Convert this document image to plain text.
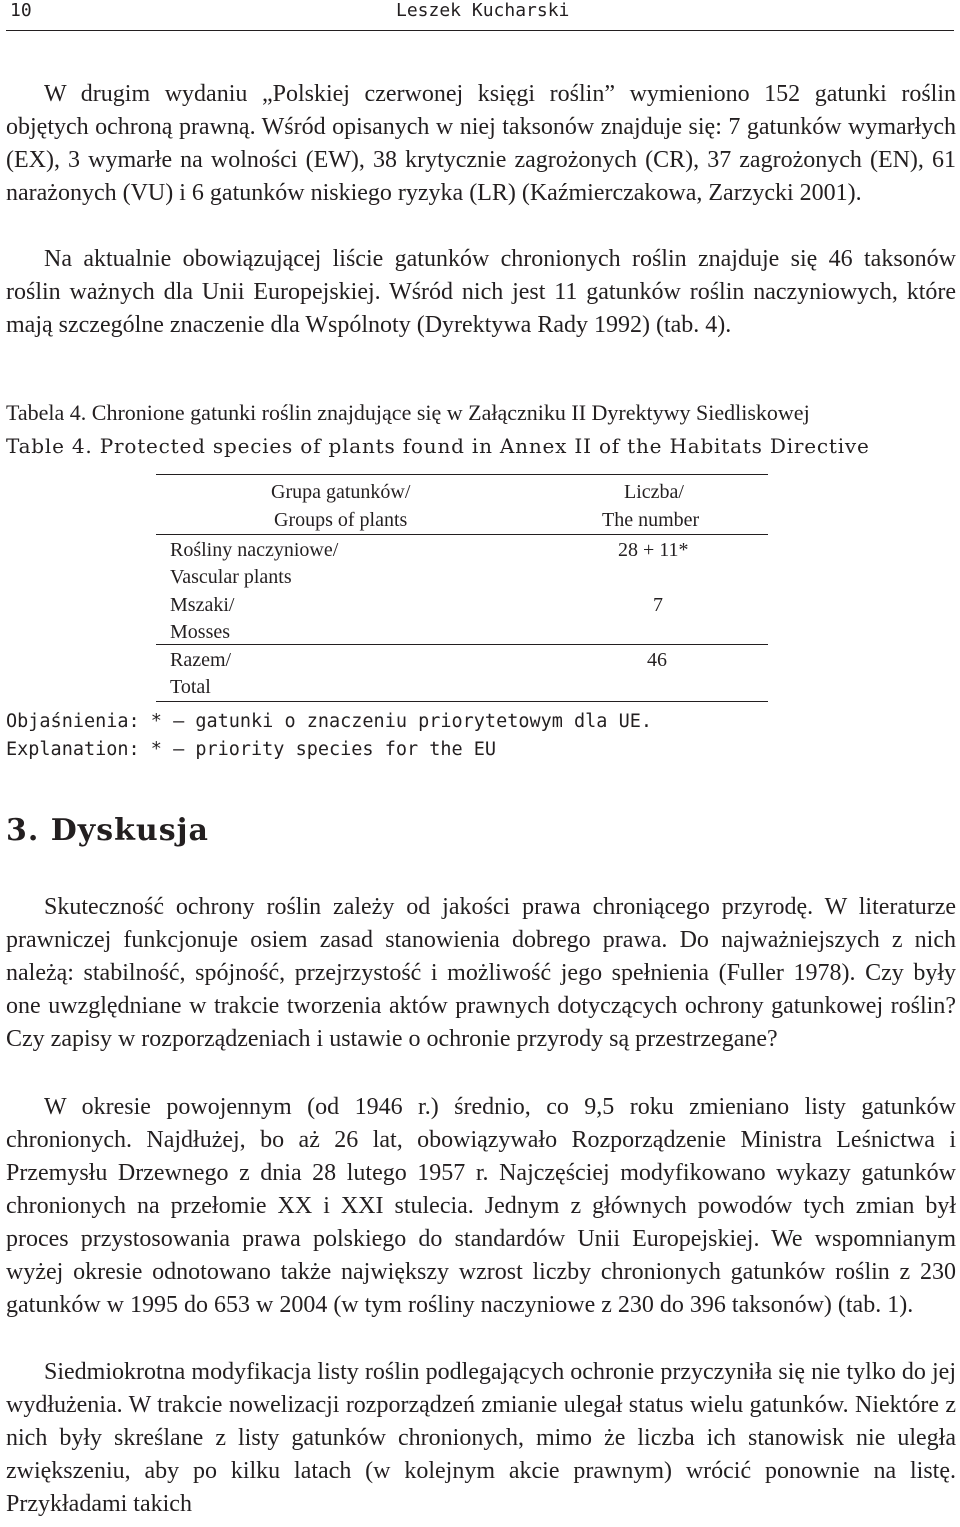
10	Leszek Kucharski

W drugim wydaniu „Polskiej czerwonej księgi roślin” wymieniono 152 gatunki roślin objętych ochroną prawną. Wśród opisanych w niej taksonów znajduje się: 7 gatunków wymarłych (EX), 3 wymarłe na wolności (EW), 38 krytycznie zagrożonych (CR), 37 zagrożonych (EN), 61 narażonych (VU) i 6 gatunków niskiego ryzyka (LR) (Kaźmierczakowa, Zarzycki 2001).

Na aktualnie obowiązującej liście gatunków chronionych roślin znajduje się 46 taksonów roślin ważnych dla Unii Europejskiej. Wśród nich jest 11 gatunków roślin naczyniowych, które mają szczególne znaczenie dla Wspólnoty (Dyrektywa Rady 1992) (tab. 4).

Tabela 4. Chronione gatunki roślin znajdujące się w Załączniku II Dyrektywy Siedliskowej
Table 4. Protected species of plants found in Annex II of the Habitats Directive
Grupa gatunków/
Groups of plants
Liczba/
The number
Rośliny naczyniowe/
Vascular plants
28 + 11*
Mszaki/
Mosses
7
Razem/
Total
46
Objaśnienia: * – gatunki o znaczeniu priorytetowym dla UE.
Explanation: * – priority species for the EU
3. Dyskusja

Skuteczność ochrony roślin zależy od jakości prawa chroniącego przyrodę. W literaturze prawniczej funkcjonuje osiem zasad stanowienia dobrego prawa. Do najważniejszych z nich należą: stabilność, spójność, przejrzystość i możliwość jego spełnienia (Fuller 1978). Czy były one uwzględniane w trakcie tworzenia aktów prawnych dotyczących ochrony gatunkowej roślin? Czy zapisy w rozporządzeniach i ustawie o ochronie przyrody są przestrzegane?

W okresie powojennym (od 1946 r.) średnio, co 9,5 roku zmieniano listy gatunków chronionych. Najdłużej, bo aż 26 lat, obowiązywało Rozporządzenie Ministra Leśnictwa i Przemysłu Drzewnego z dnia 28 lutego 1957 r. Najczęściej modyfikowano wykazy gatunków chronionych na przełomie XX i XXI stulecia. Jednym z głównych powodów tych zmian był proces przystosowania prawa polskiego do standardów Unii Europejskiej. We wspomnianym wyżej okresie odnotowano także największy wzrost liczby chronionych gatunków roślin z 230 gatunków w 1995 do 653 w 2004 (w tym rośliny naczyniowe z 230 do 396 taksonów) (tab. 1).

Siedmiokrotna modyfikacja listy roślin podlegających ochronie przyczyniła się nie tylko do jej wydłużenia. W trakcie nowelizacji rozporządzeń zmianie ulegał status wielu gatunków. Niektóre z nich były skreślane z listy gatunków chronionych, mimo że liczba ich stanowisk nie uległa zwiększeniu, aby po kilku latach (w kolejnym akcie prawnym) wrócić ponownie na listę. Przykładami takich
